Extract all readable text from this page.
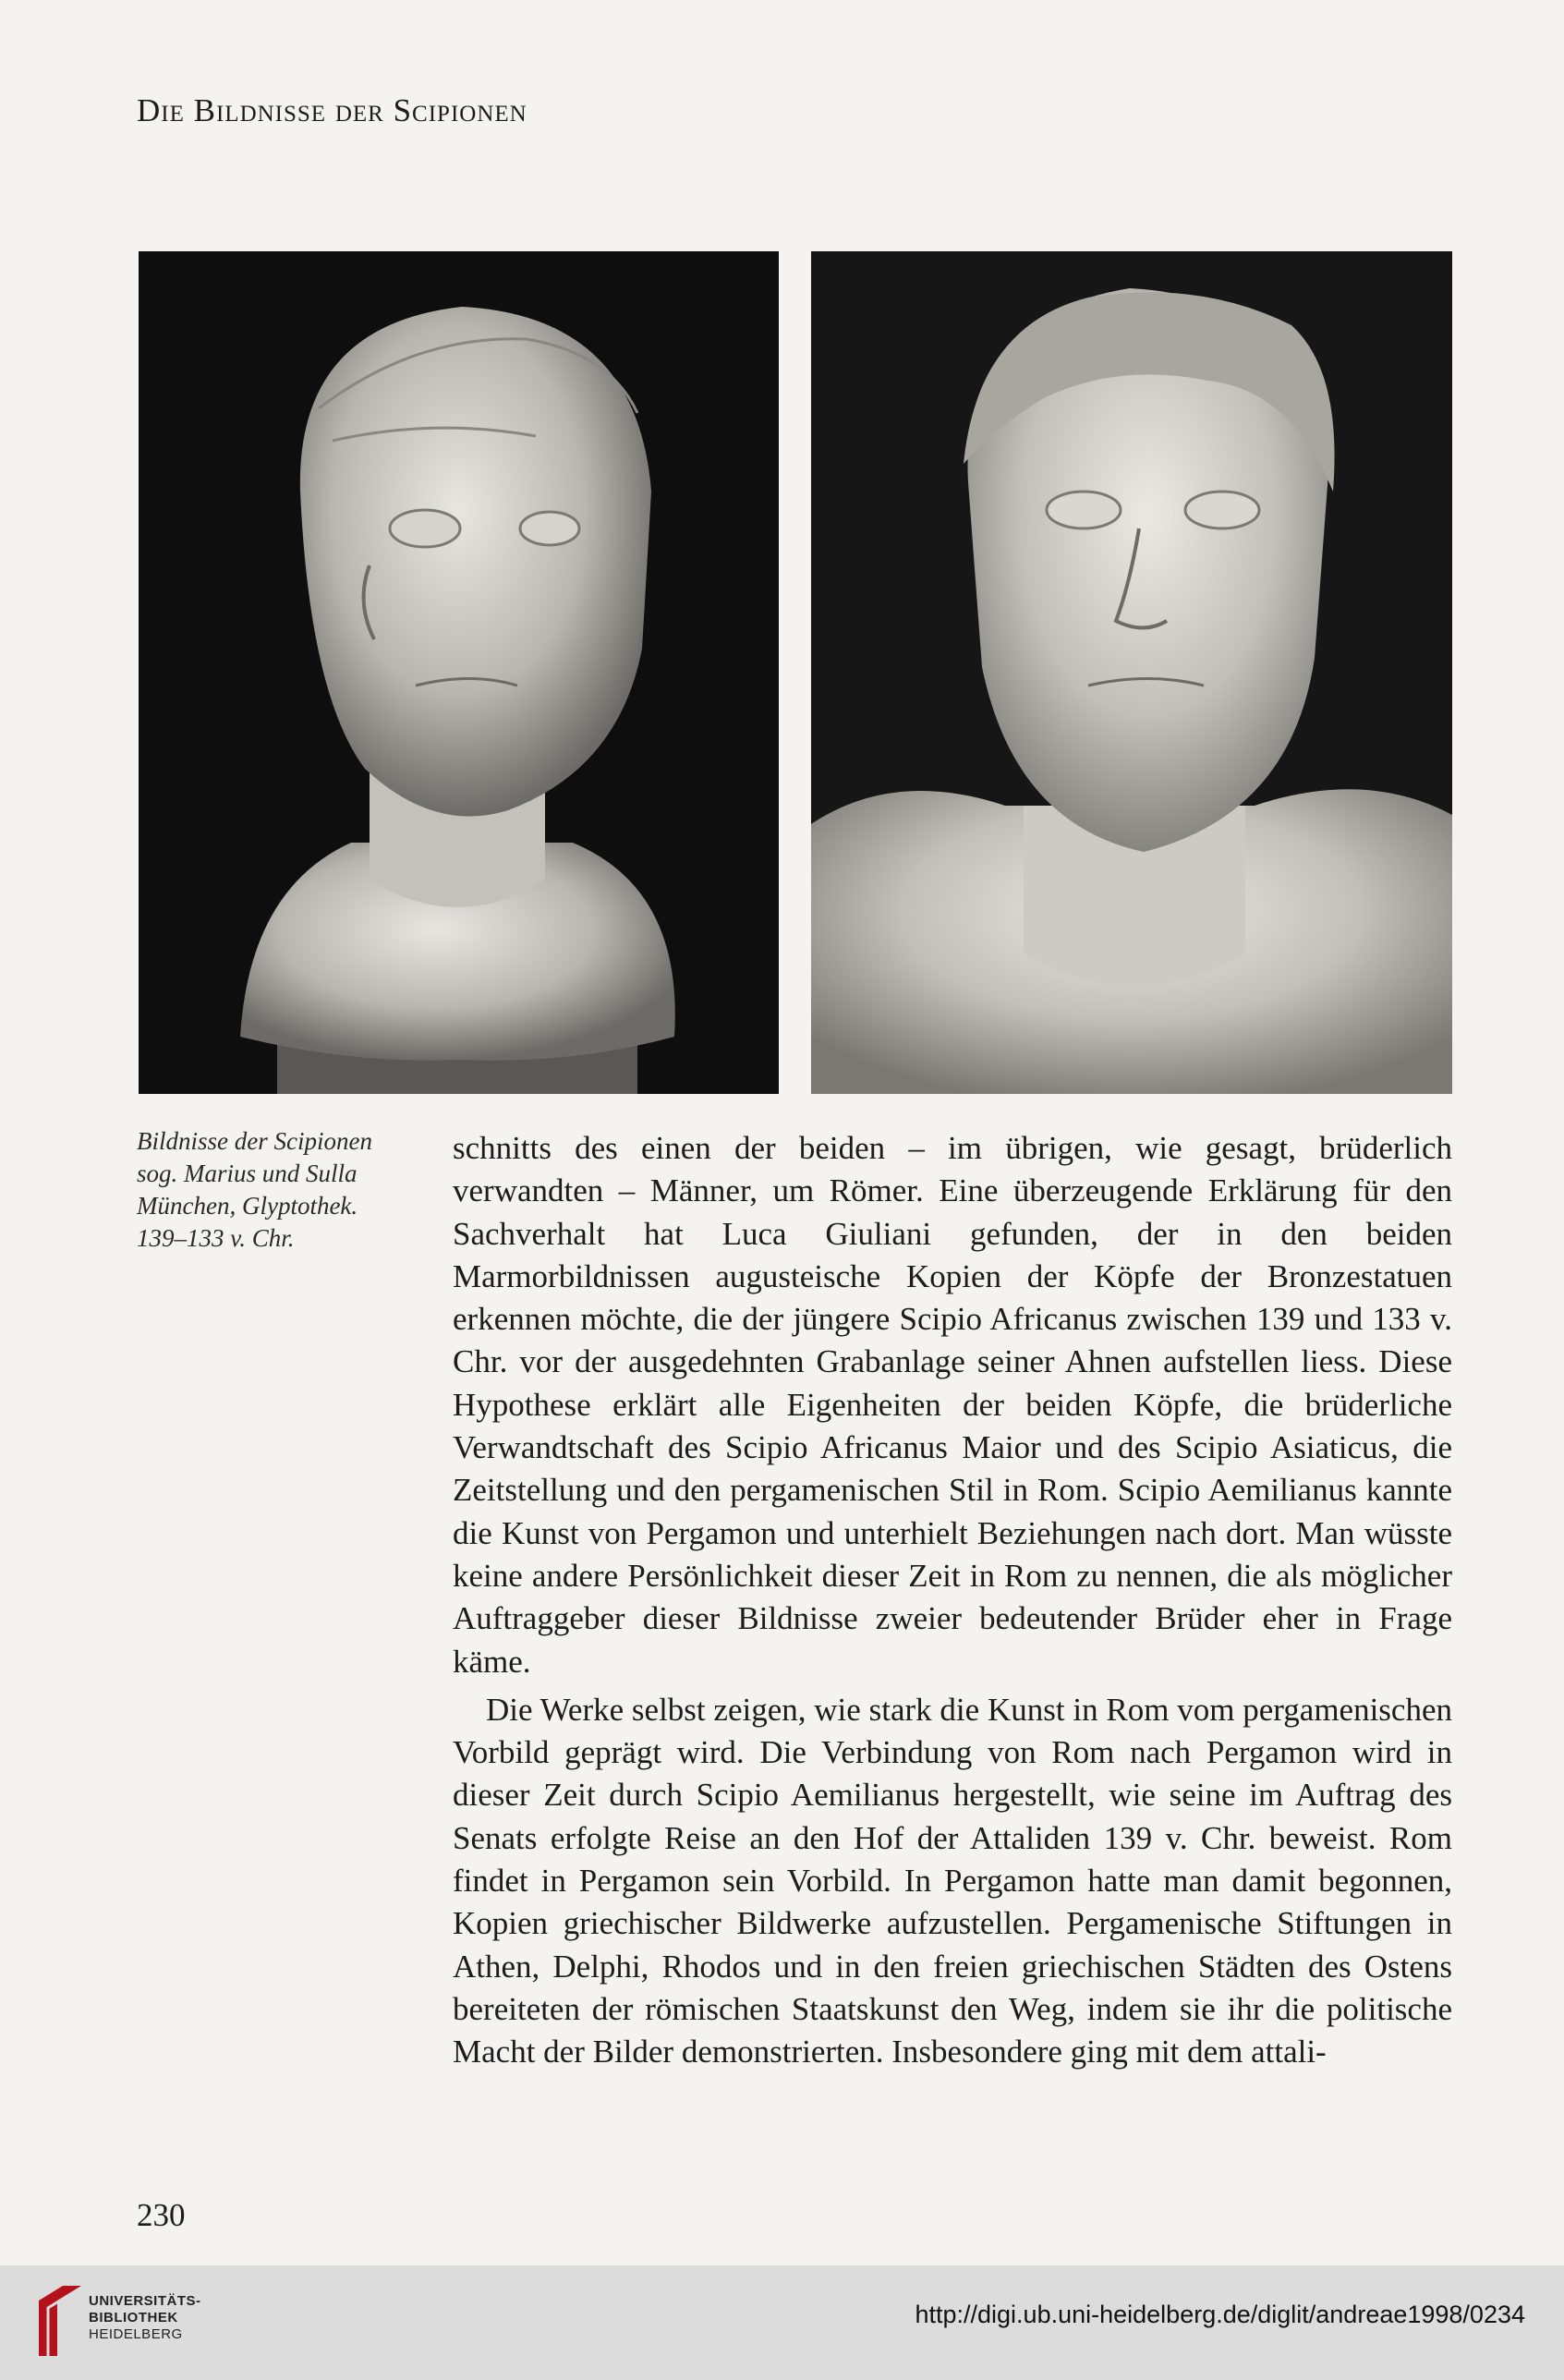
Die Bildnisse der Scipionen
Bildnisse der Scipionen
sog. Marius und Sulla
München, Glyptothek.
139–133 v. Chr.

schnitts des einen der beiden – im übrigen, wie gesagt, brüderlich verwandten – Männer, um Römer. Eine überzeugende Erklärung für den Sachverhalt hat Luca Giuliani gefunden, der in den beiden Marmorbildnissen augusteische Kopien der Köpfe der Bronzestatuen erkennen möchte, die der jüngere Scipio Africanus zwischen 139 und 133 v. Chr. vor der ausgedehnten Grabanlage seiner Ahnen aufstellen liess. Diese Hypothese erklärt alle Eigenheiten der beiden Köpfe, die brüderliche Verwandtschaft des Scipio Africanus Maior und des Scipio Asiaticus, die Zeitstellung und den pergamenischen Stil in Rom. Scipio Aemilianus kannte die Kunst von Pergamon und unterhielt Beziehungen nach dort. Man wüsste keine andere Persönlichkeit dieser Zeit in Rom zu nennen, die als möglicher Auftraggeber dieser Bildnisse zweier bedeutender Brüder eher in Frage käme.

Die Werke selbst zeigen, wie stark die Kunst in Rom vom pergamenischen Vorbild geprägt wird. Die Verbindung von Rom nach Pergamon wird in dieser Zeit durch Scipio Aemilianus hergestellt, wie seine im Auftrag des Senats erfolgte Reise an den Hof der Attaliden 139 v. Chr. beweist. Rom findet in Pergamon sein Vorbild. In Pergamon hatte man damit begonnen, Kopien griechischer Bildwerke aufzustellen. Pergamenische Stiftungen in Athen, Delphi, Rhodos und in den freien griechischen Städten des Ostens bereiteten der römischen Staatskunst den Weg, indem sie ihr die politische Macht der Bilder demonstrierten. Insbesondere ging mit dem attali-

230
UNIVERSITÄTS-
BIBLIOTHEK
HEIDELBERG
http://digi.ub.uni-heidelberg.de/diglit/andreae1998/0234
